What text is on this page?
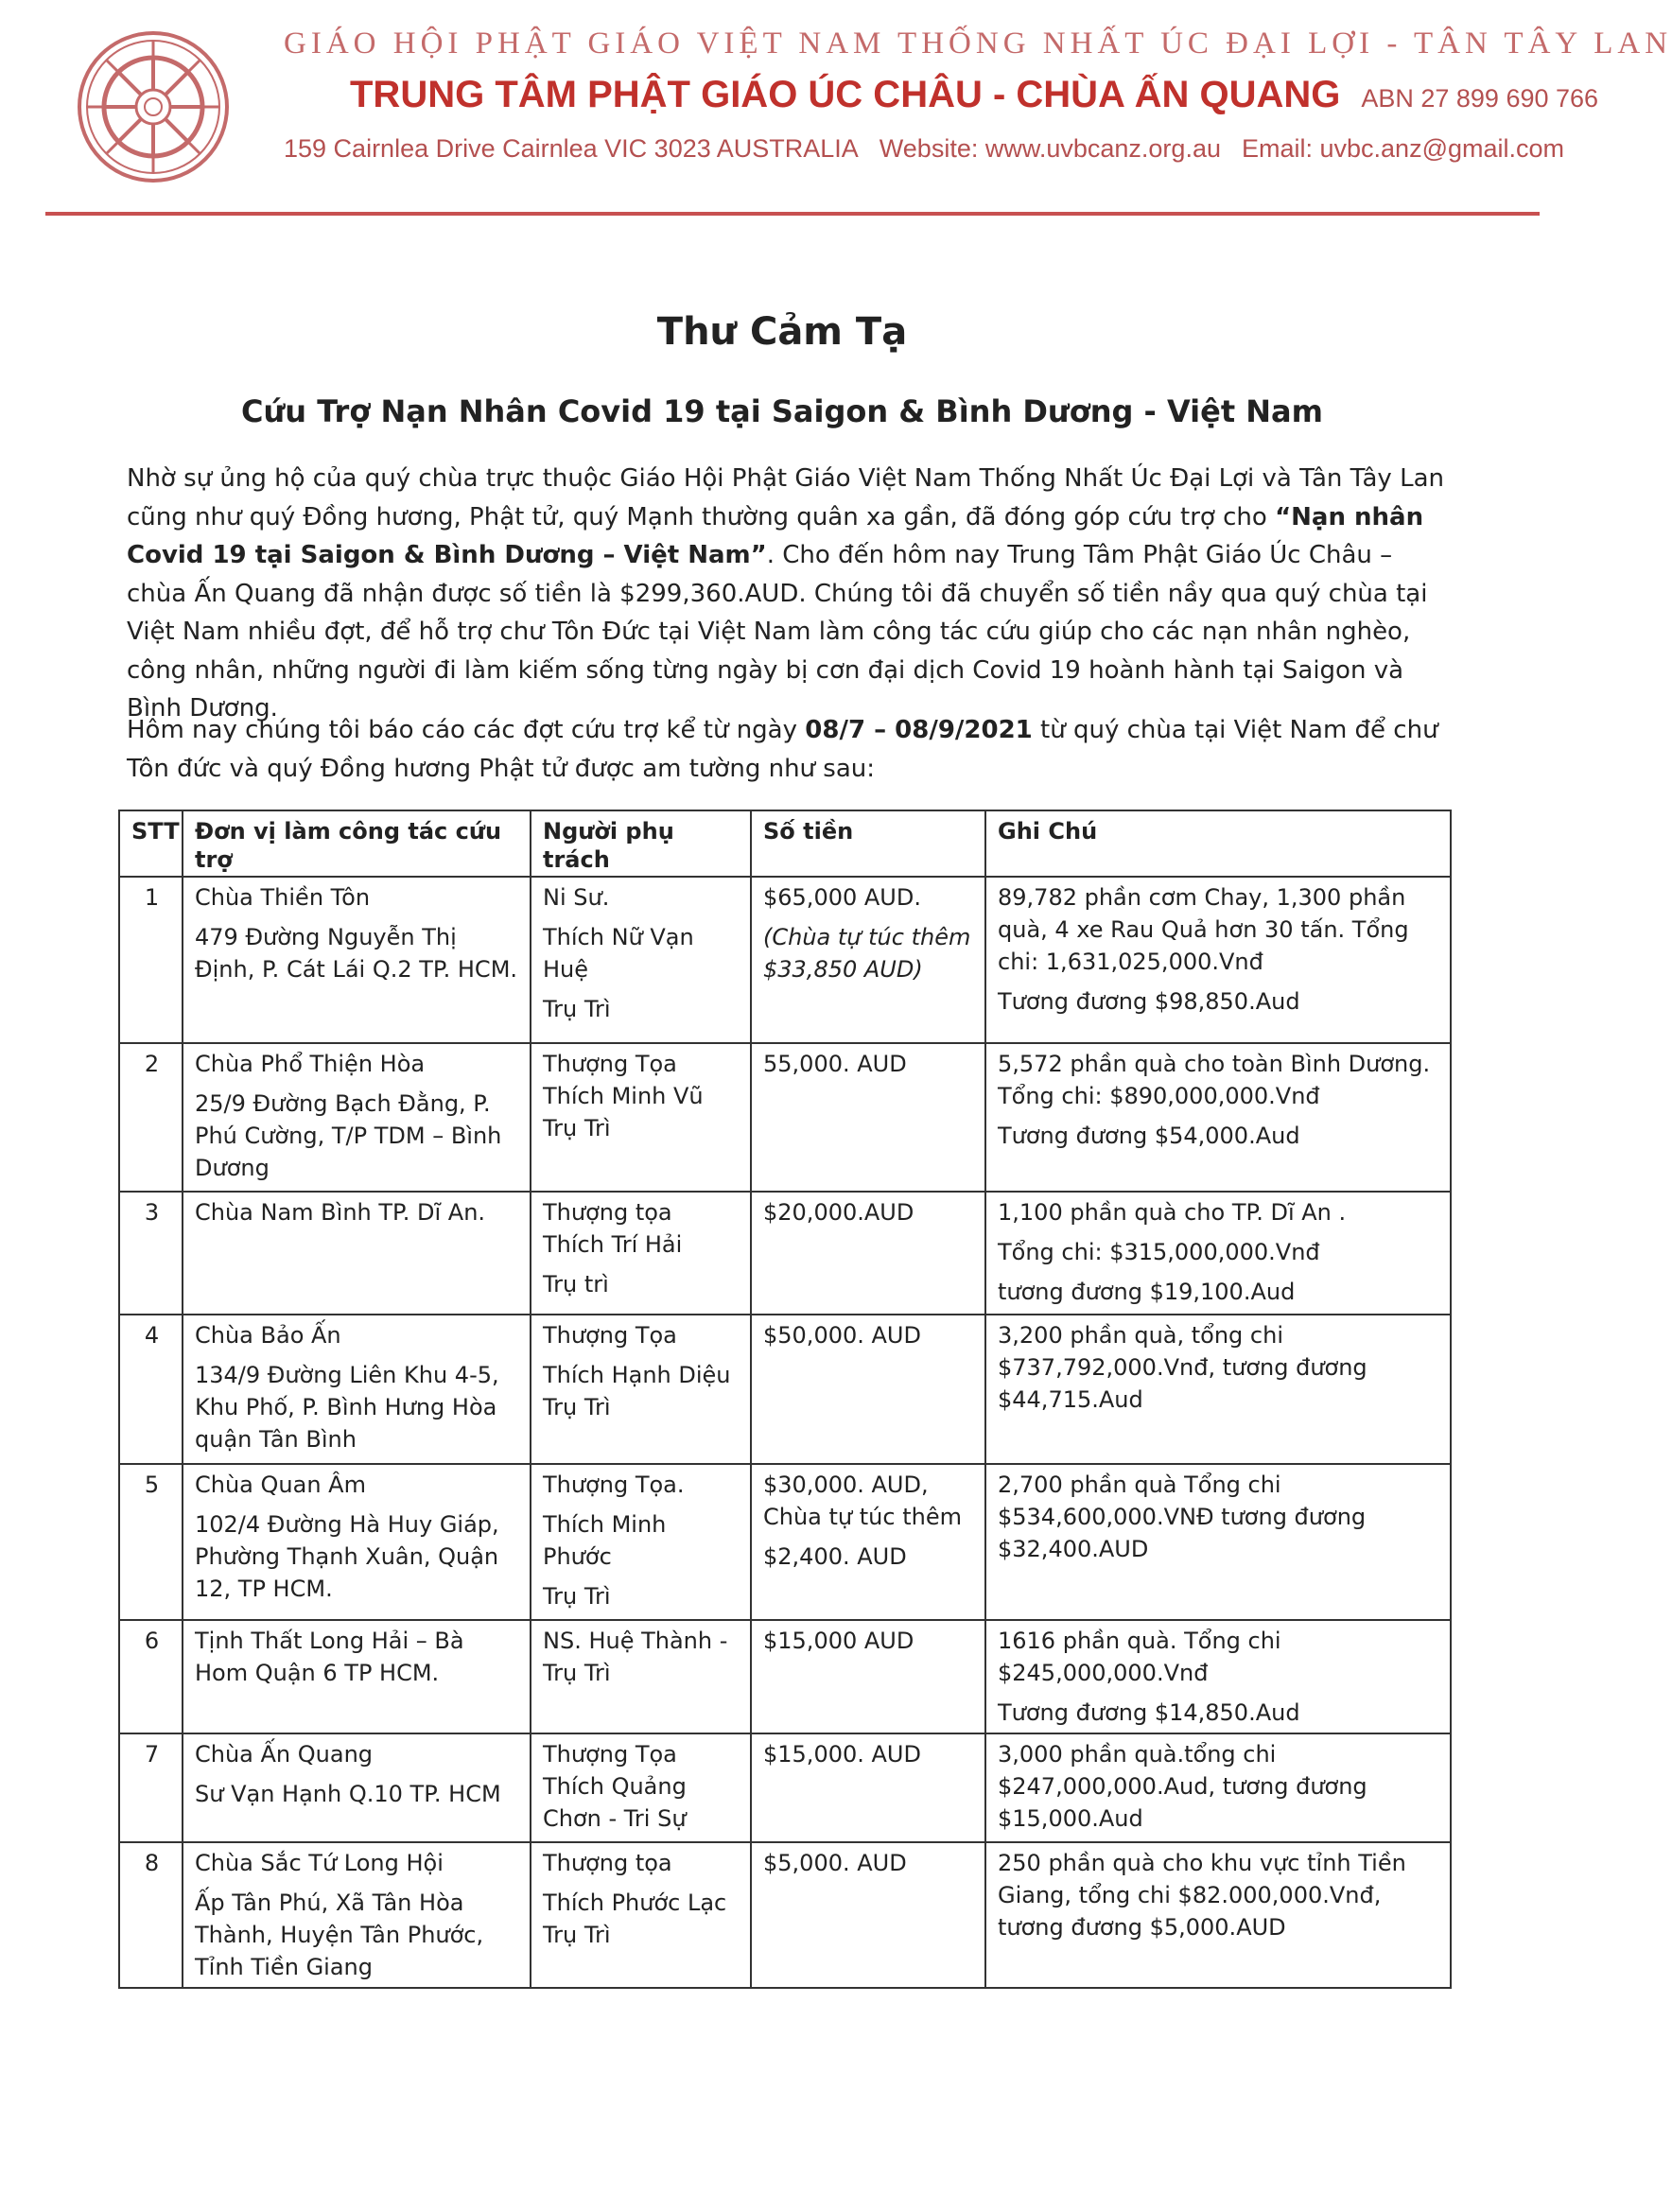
GIÁO HỘI PHẬT GIÁO VIỆT NAM THỐNG NHẤT ÚC ĐẠI LỢI - TÂN TÂY LAN
TRUNG TÂM PHẬT GIÁO ÚC CHÂU - CHÙA ẤN QUANG ABN 27 899 690 766
159 Cairnlea Drive Cairnlea VIC 3023 AUSTRALIA Website: www.uvbcanz.org.au Email: uvbc.anz@gmail.com
Thư Cảm Tạ
Cứu Trợ Nạn Nhân Covid 19 tại Saigon & Bình Dương - Việt Nam
Nhờ sự ủng hộ của quý chùa trực thuộc Giáo Hội Phật Giáo Việt Nam Thống Nhất Úc Đại Lợi và Tân Tây Lan cũng như quý Đồng hương, Phật tử, quý Mạnh thường quân xa gần, đã đóng góp cứu trợ cho “Nạn nhân Covid 19 tại Saigon & Bình Dương – Việt Nam”. Cho đến hôm nay Trung Tâm Phật Giáo Úc Châu – chùa Ấn Quang đã nhận được số tiền là $299,360.AUD. Chúng tôi đã chuyển số tiền nầy qua quý chùa tại Việt Nam nhiều đợt, để hỗ trợ chư Tôn Đức tại Việt Nam làm công tác cứu giúp cho các nạn nhân nghèo, công nhân, những người đi làm kiếm sống từng ngày bị cơn đại dịch Covid 19 hoành hành tại Saigon và Bình Dương.
Hôm nay chúng tôi báo cáo các đợt cứu trợ kể từ ngày 08/7 – 08/9/2021 từ quý chùa tại Việt Nam để chư Tôn đức và quý Đồng hương Phật tử được am tường như sau:
STT	Đơn vị làm công tác cứu trợ	Người phụ trách	Số tiền	Ghi Chú
1	Chùa Thiền Tôn
479 Đường Nguyễn Thị Định, P. Cát Lái Q.2 TP. HCM.	Ni Sư.
Thích Nữ Vạn Huệ
Trụ Trì	$65,000 AUD.
(Chùa tự túc thêm $33,850 AUD)	89,782 phần cơm Chay, 1,300 phần quà, 4 xe Rau Quả hơn 30 tấn. Tổng chi: 1,631,025,000.Vnđ
Tương đương $98,850.Aud

2	Chùa Phổ Thiện Hòa
25/9 Đường Bạch Đằng, P. Phú Cường, T/P TDM – Bình Dương	Thượng Tọa Thích Minh Vũ Trụ Trì	55,000. AUD	5,572 phần quà cho toàn Bình Dương. Tổng chi: $890,000,000.Vnđ
Tương đương $54,000.Aud

3	Chùa Nam Bình TP. Dĩ An.	Thượng tọa Thích Trí Hải
Trụ trì	$20,000.AUD	1,100 phần quà cho TP. Dĩ An .
Tổng chi: $315,000,000.Vnđ
tương đương $19,100.Aud

4	Chùa Bảo Ấn
134/9 Đường Liên Khu 4-5, Khu Phố, P. Bình Hưng Hòa quận Tân Bình	Thượng Tọa
Thích Hạnh Diệu Trụ Trì	$50,000. AUD	3,200 phần quà, tổng chi $737,792,000.Vnđ, tương đương $44,715.Aud

5	Chùa Quan Âm
102/4 Đường Hà Huy Giáp, Phường Thạnh Xuân, Quận 12, TP HCM.	Thượng Tọa.
Thích Minh Phước
Trụ Trì	$30,000. AUD, Chùa tự túc thêm
$2,400. AUD	2,700 phần quà Tổng chi $534,600,000.VNĐ tương đương $32,400.AUD

6	Tịnh Thất Long Hải – Bà Hom Quận 6 TP HCM.	NS. Huệ Thành - Trụ Trì	$15,000 AUD	1616 phần quà. Tổng chi $245,000,000.Vnđ
Tương đương $14,850.Aud

7	Chùa Ấn Quang
Sư Vạn Hạnh Q.10 TP. HCM	Thượng Tọa Thích Quảng Chơn - Tri Sự	$15,000. AUD	3,000 phần quà.tổng chi $247,000,000.Aud, tương đương $15,000.Aud

8	Chùa Sắc Tứ Long Hội
Ấp Tân Phú, Xã Tân Hòa Thành, Huyện Tân Phước, Tỉnh Tiền Giang	Thượng tọa
Thích Phước Lạc Trụ Trì	$5,000. AUD	250 phần quà cho khu vực tỉnh Tiền Giang, tổng chi $82.000,000.Vnđ, tương đương $5,000.AUD
